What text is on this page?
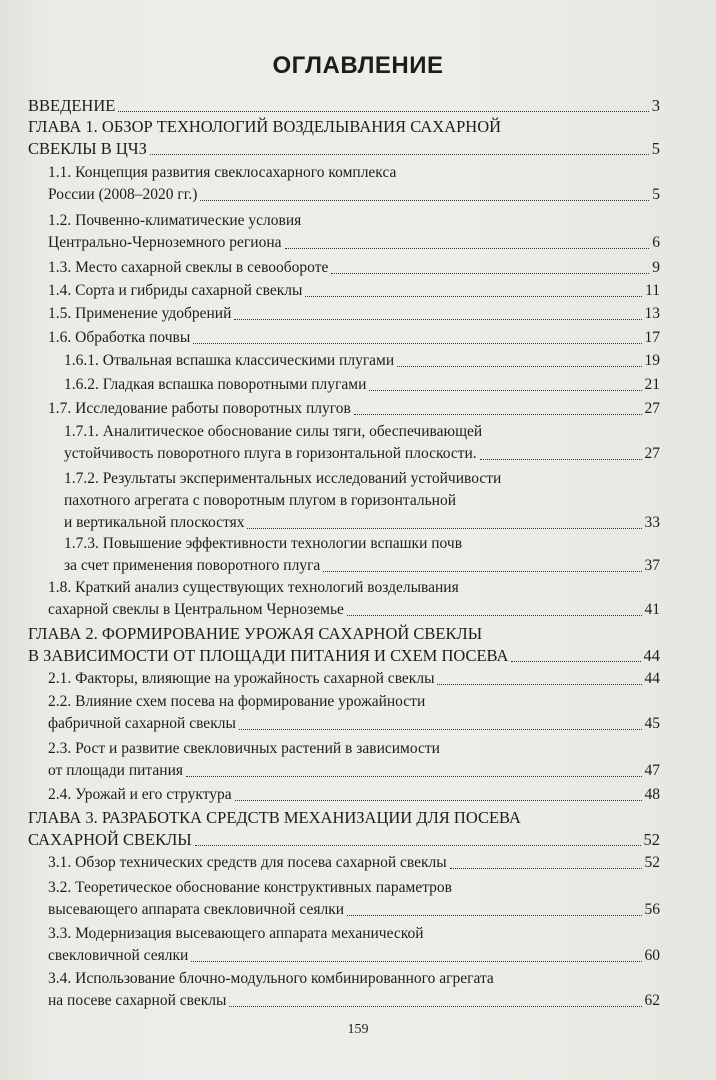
ОГЛАВЛЕНИЕ
ВВЕДЕНИЕ	3
ГЛАВА 1. ОБЗОР ТЕХНОЛОГИЙ ВОЗДЕЛЫВАНИЯ САХАРНОЙ
СВЕКЛЫ В ЦЧЗ	5
1.1. Концепция развития свеклосахарного комплекса
России (2008–2020 гг.)	5
1.2. Почвенно-климатические условия
Центрально-Черноземного региона	6
1.3. Место сахарной свеклы в севообороте	9
1.4. Сорта и гибриды сахарной свеклы	11
1.5. Применение удобрений	13
1.6. Обработка почвы	17
1.6.1. Отвальная вспашка классическими плугами	19
1.6.2. Гладкая вспашка поворотными плугами	21
1.7. Исследование работы поворотных плугов	27
1.7.1. Аналитическое обоснование силы тяги, обеспечивающей
устойчивость поворотного плуга в горизонтальной плоскости.	27
1.7.2. Результаты экспериментальных исследований устойчивости
пахотного агрегата с поворотным плугом в горизонтальной
и вертикальной плоскостях	33
1.7.3. Повышение эффективности технологии вспашки почв
за счет применения поворотного плуга	37
1.8. Краткий анализ существующих технологий возделывания
сахарной свеклы в Центральном Черноземье	41
ГЛАВА 2. ФОРМИРОВАНИЕ УРОЖАЯ САХАРНОЙ СВЕКЛЫ
В ЗАВИСИМОСТИ ОТ ПЛОЩАДИ ПИТАНИЯ И СХЕМ ПОСЕВА	44
2.1. Факторы, влияющие на урожайность сахарной свеклы	44
2.2. Влияние схем посева на формирование урожайности
фабричной сахарной свеклы	45
2.3. Рост и развитие свекловичных растений в зависимости
от площади питания	47
2.4. Урожай и его структура	48
ГЛАВА 3. РАЗРАБОТКА СРЕДСТВ МЕХАНИЗАЦИИ ДЛЯ ПОСЕВА
САХАРНОЙ СВЕКЛЫ	52
3.1. Обзор технических средств для посева сахарной свеклы	52
3.2. Теоретическое обоснование конструктивных параметров
высевающего аппарата свекловичной сеялки	56
3.3. Модернизация высевающего аппарата механической
свекловичной сеялки	60
3.4. Использование блочно-модульного комбинированного агрегата
на посеве сахарной свеклы	62
159
